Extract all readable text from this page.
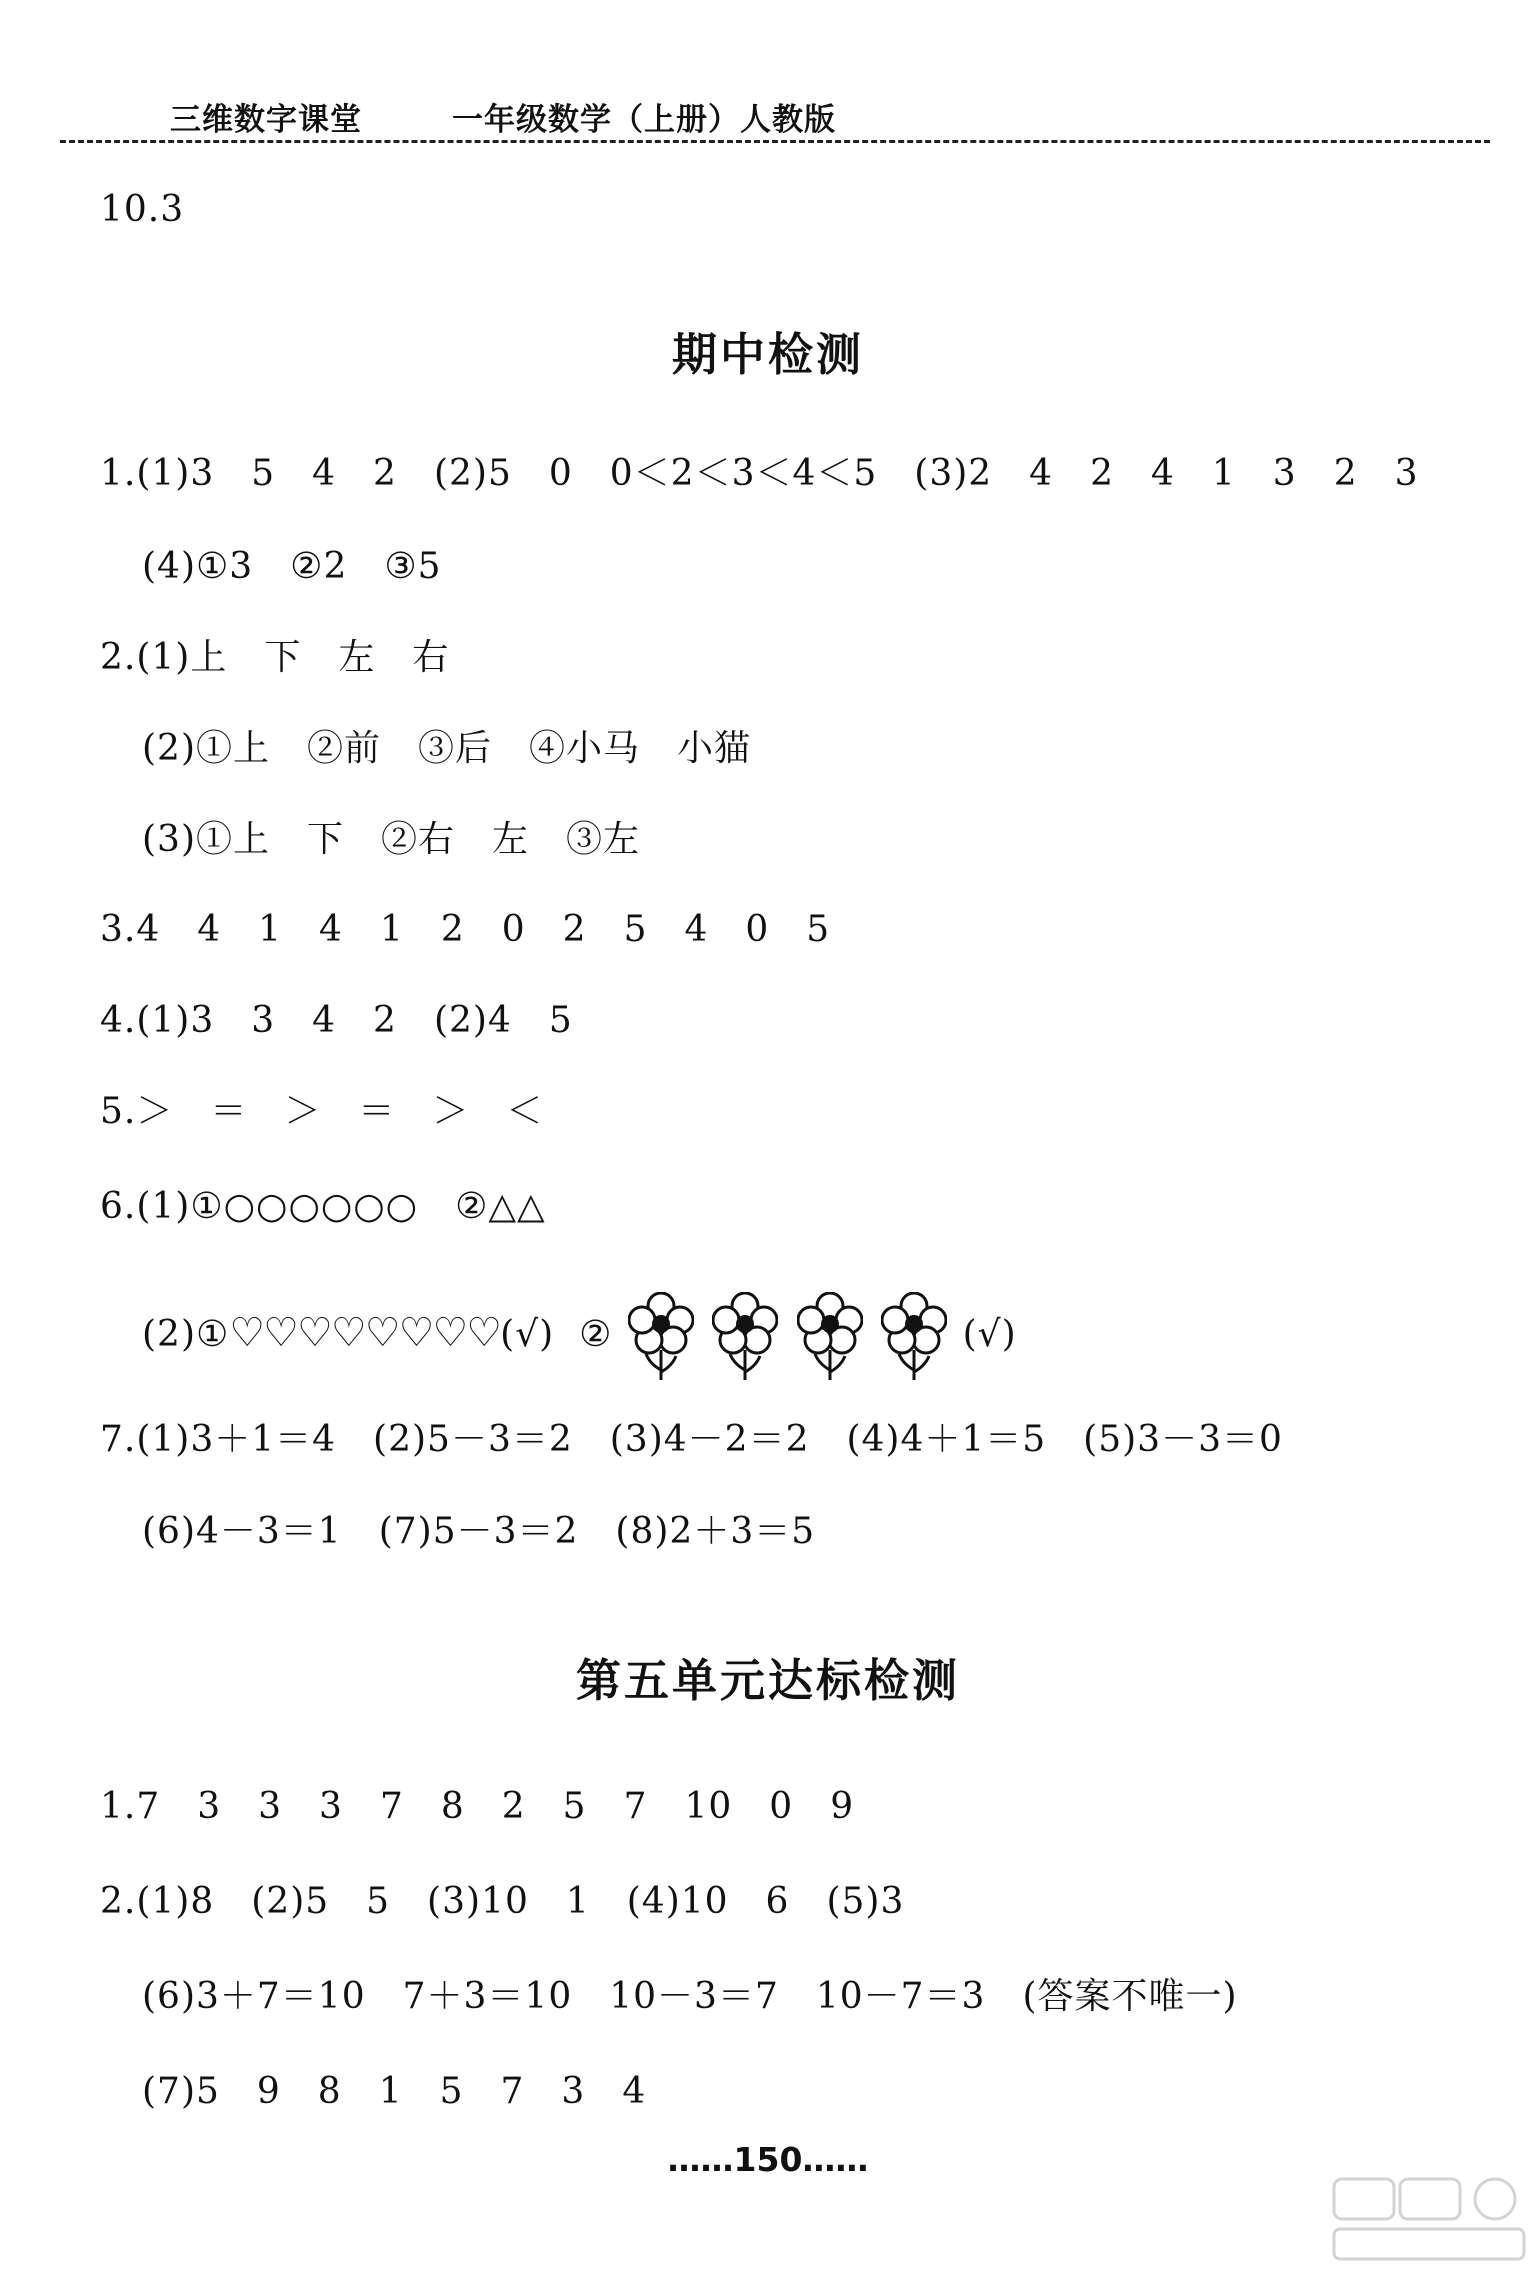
三维数字课堂	一年级数学（上册）人教版
10.3
期中检测
1.(1)3　5　4　2　(2)5　0　0＜2＜3＜4＜5　(3)2　4　2　4　1　3　2　3
(4)①3　②2　③5
2.(1)上　下　左　右
(2)①上　②前　③后　④小马　小猫
(3)①上　下　②右　左　③左
3.4　4　1　4　1　2　0　2　5　4　0　5
4.(1)3　3　4　2　(2)4　5
5.＞　＝　＞　＝　＞　＜
6.(1)①○○○○○○　②△△
(2)①♡♡♡♡♡♡♡♡(√) ②	(√)
7.(1)3＋1＝4　(2)5－3＝2　(3)4－2＝2　(4)4＋1＝5　(5)3－3＝0
(6)4－3＝1　(7)5－3＝2　(8)2＋3＝5
第五单元达标检测
1.7　3　3　3　7　8　2　5　7　10　0　9
2.(1)8　(2)5　5　(3)10　1　(4)10　6　(5)3
(6)3＋7＝10　7＋3＝10　10－3＝7　10－7＝3　(答案不唯一)
(7)5　9　8　1　5　7　3　4
……150……
